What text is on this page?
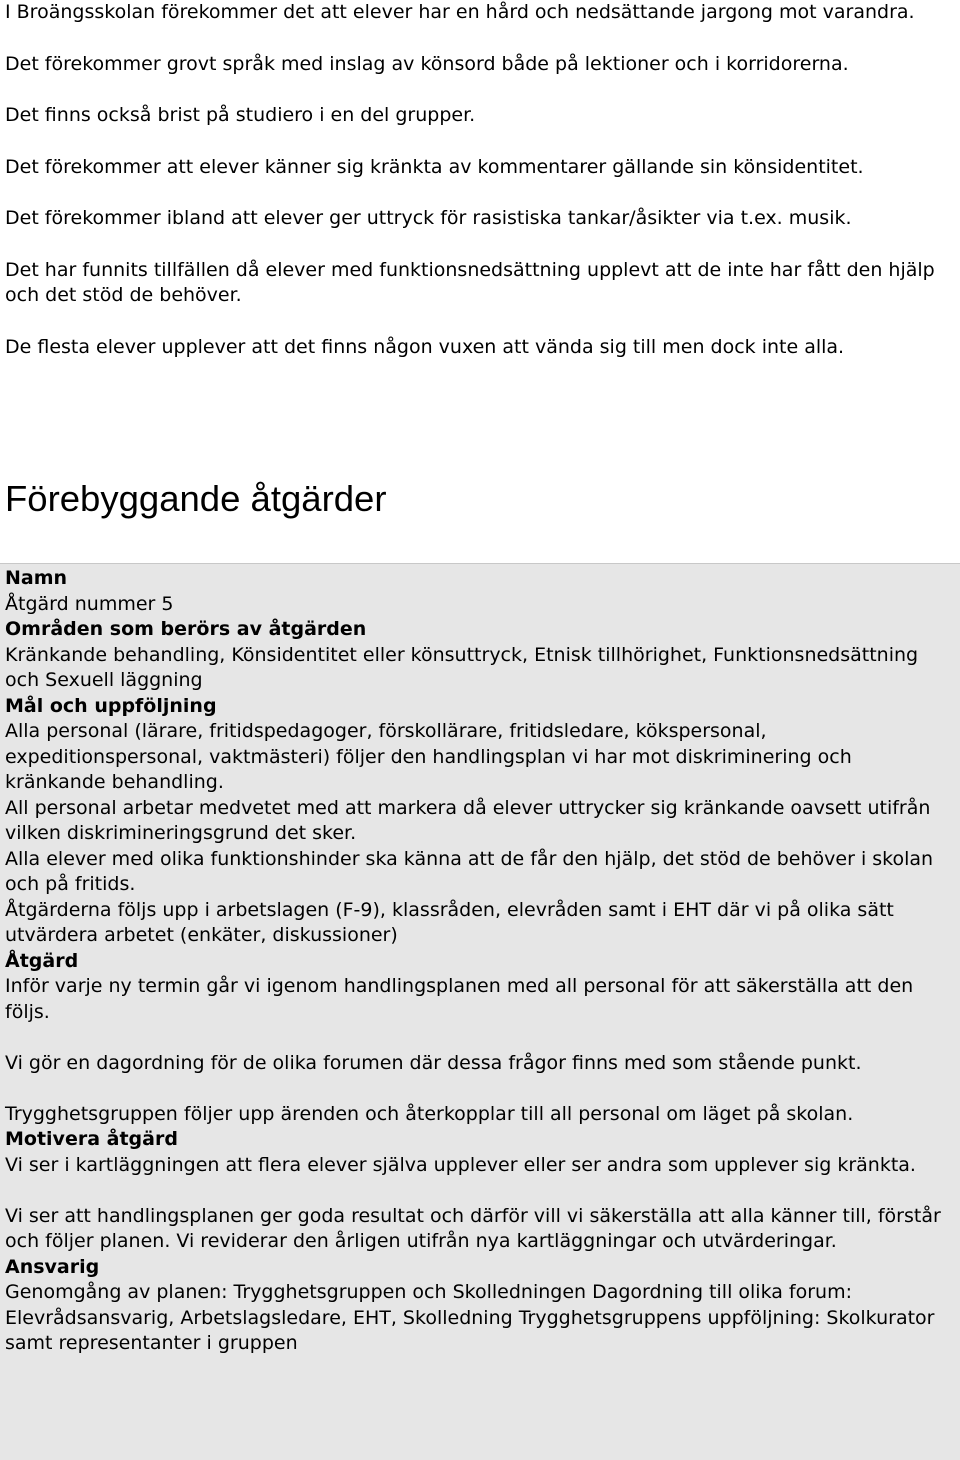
I Broängsskolan förekommer det att elever har en hård och nedsättande jargong mot varandra.

Det förekommer grovt språk med inslag av könsord både på lektioner och i korridorerna.

Det finns också brist på studiero i en del grupper.

Det förekommer att elever känner sig kränkta av kommentarer gällande sin könsidentitet.

Det förekommer ibland att elever ger uttryck för rasistiska tankar/åsikter via t.ex. musik.

Det har funnits tillfällen då elever med funktionsnedsättning upplevt att de inte har fått den hjälp och det stöd de behöver.

De flesta elever upplever att det finns någon vuxen att vända sig till men dock inte alla.

Förebyggande åtgärder
Namn

Åtgärd nummer 5

Områden som berörs av åtgärden

Kränkande behandling, Könsidentitet eller könsuttryck, Etnisk tillhörighet, Funktionsnedsättning och Sexuell läggning

Mål och uppföljning

Alla personal (lärare, fritidspedagoger, förskollärare, fritidsledare, kökspersonal, expeditionspersonal, vaktmästeri) följer den handlingsplan vi har mot diskriminering och kränkande behandling.

All personal arbetar medvetet med att markera då elever uttrycker sig kränkande oavsett utifrån vilken diskrimineringsgrund det sker.

Alla elever med olika funktionshinder ska känna att de får den hjälp, det stöd de behöver i skolan och på fritids.

Åtgärderna följs upp i arbetslagen (F-9), klassråden, elevråden samt i EHT där vi på olika sätt utvärdera arbetet (enkäter, diskussioner)

Åtgärd

Inför varje ny termin går vi igenom handlingsplanen med all personal för att säkerställa att den följs.

Vi gör en dagordning för de olika forumen där dessa frågor finns med som stående punkt.

Trygghetsgruppen följer upp ärenden och återkopplar till all personal om läget på skolan.

Motivera åtgärd

Vi ser i kartläggningen att flera elever själva upplever eller ser andra som upplever sig kränkta.

Vi ser att handlingsplanen ger goda resultat och därför vill vi säkerställa att alla känner till, förstår och följer planen. Vi reviderar den årligen utifrån nya kartläggningar och utvärderingar.

Ansvarig

Genomgång av planen: Trygghetsgruppen och Skolledningen Dagordning till olika forum: Elevrådsansvarig, Arbetslagsledare, EHT, Skolledning Trygghetsgruppens uppföljning: Skolkurator samt representanter i gruppen
